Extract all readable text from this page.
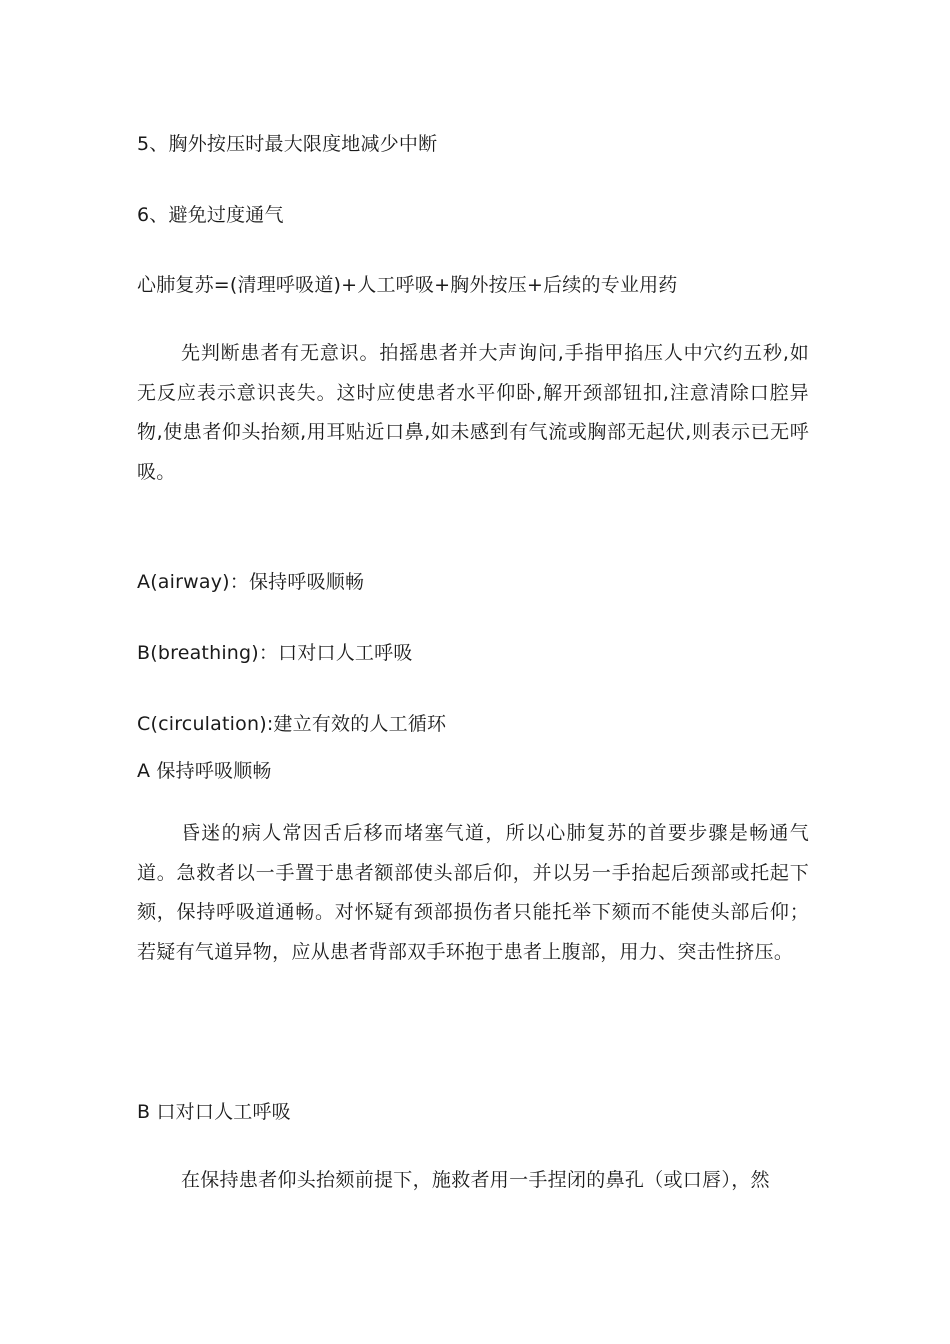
5、胸外按压时最大限度地减少中断
6、避免过度通气
心肺复苏=(清理呼吸道)+人工呼吸+胸外按压+后续的专业用药
先判断患者有无意识。拍摇患者并大声询问,手指甲掐压人中穴约五秒,如无反应表示意识丧失。这时应使患者水平仰卧,解开颈部钮扣,注意清除口腔异物,使患者仰头抬颏,用耳贴近口鼻,如未感到有气流或胸部无起伏,则表示已无呼吸。
A(airway)：保持呼吸顺畅
B(breathing)：口对口人工呼吸
C(circulation):建立有效的人工循环
A 保持呼吸顺畅
昏迷的病人常因舌后移而堵塞气道，所以心肺复苏的首要步骤是畅通气道。急救者以一手置于患者额部使头部后仰，并以另一手抬起后颈部或托起下颏，保持呼吸道通畅。对怀疑有颈部损伤者只能托举下颏而不能使头部后仰；若疑有气道异物，应从患者背部双手环抱于患者上腹部，用力、突击性挤压。
B 口对口人工呼吸
在保持患者仰头抬颏前提下，施救者用一手捏闭的鼻孔（或口唇），然
